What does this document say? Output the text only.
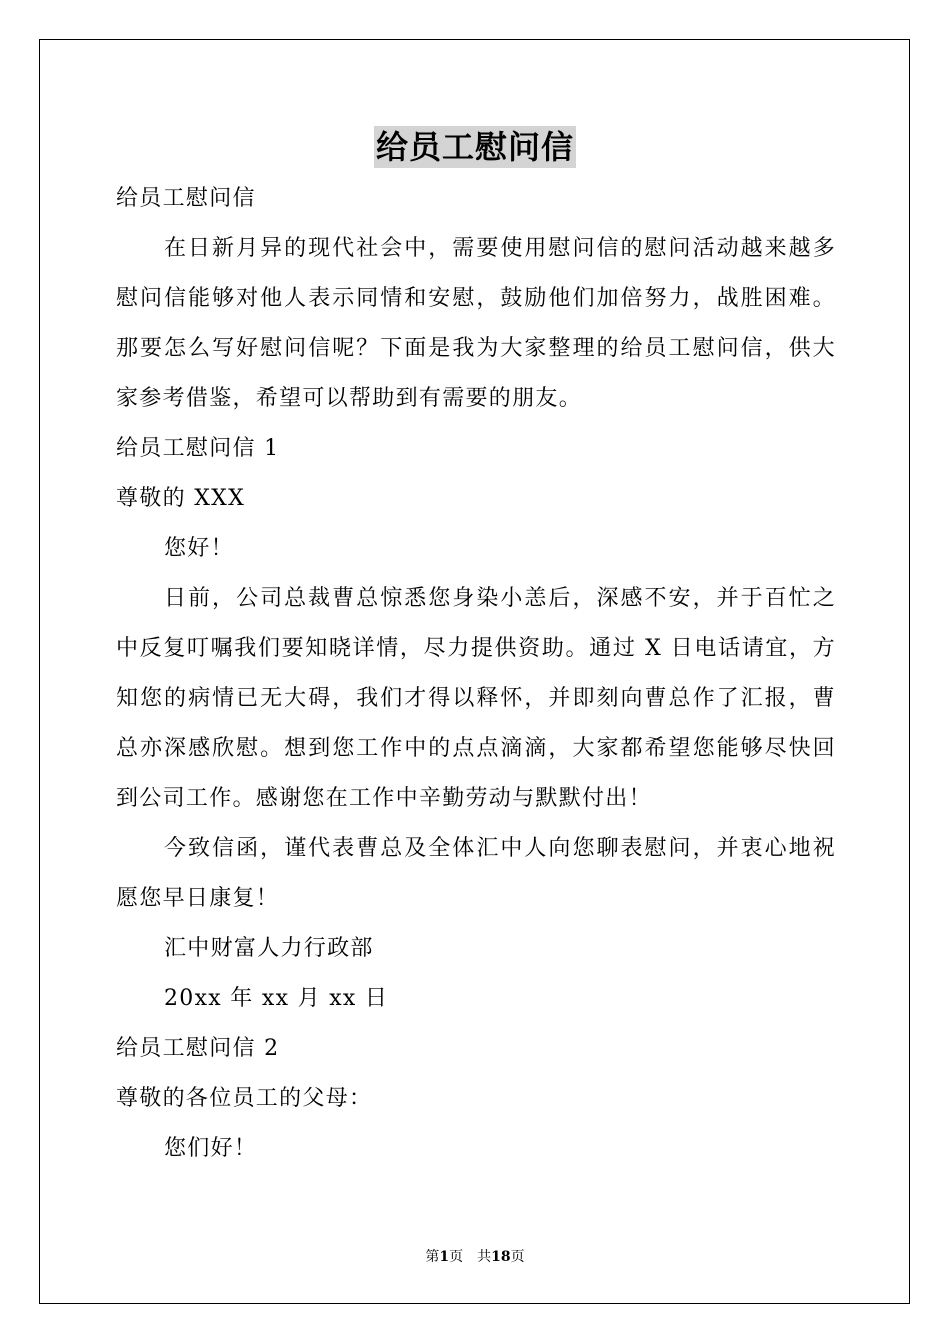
给员工慰问信
给员工慰问信
在日新月异的现代社会中，需要使用慰问信的慰问活动越来越多
慰问信能够对他人表示同情和安慰，鼓励他们加倍努力，战胜困难。
那要怎么写好慰问信呢？下面是我为大家整理的给员工慰问信，供大
家参考借鉴，希望可以帮助到有需要的朋友。
给员工慰问信 1
尊敬的 XXX
您好！
日前，公司总裁曹总惊悉您身染小恙后，深感不安，并于百忙之
中反复叮嘱我们要知晓详情，尽力提供资助。通过 X 日电话请宜，方
知您的病情已无大碍，我们才得以释怀，并即刻向曹总作了汇报，曹
总亦深感欣慰。想到您工作中的点点滴滴，大家都希望您能够尽快回
到公司工作。感谢您在工作中辛勤劳动与默默付出！
今致信函，谨代表曹总及全体汇中人向您聊表慰问，并衷心地祝
愿您早日康复！
汇中财富人力行政部
20xx 年 xx 月 xx 日
给员工慰问信 2
尊敬的各位员工的父母：
您们好！
第1页 共18页
